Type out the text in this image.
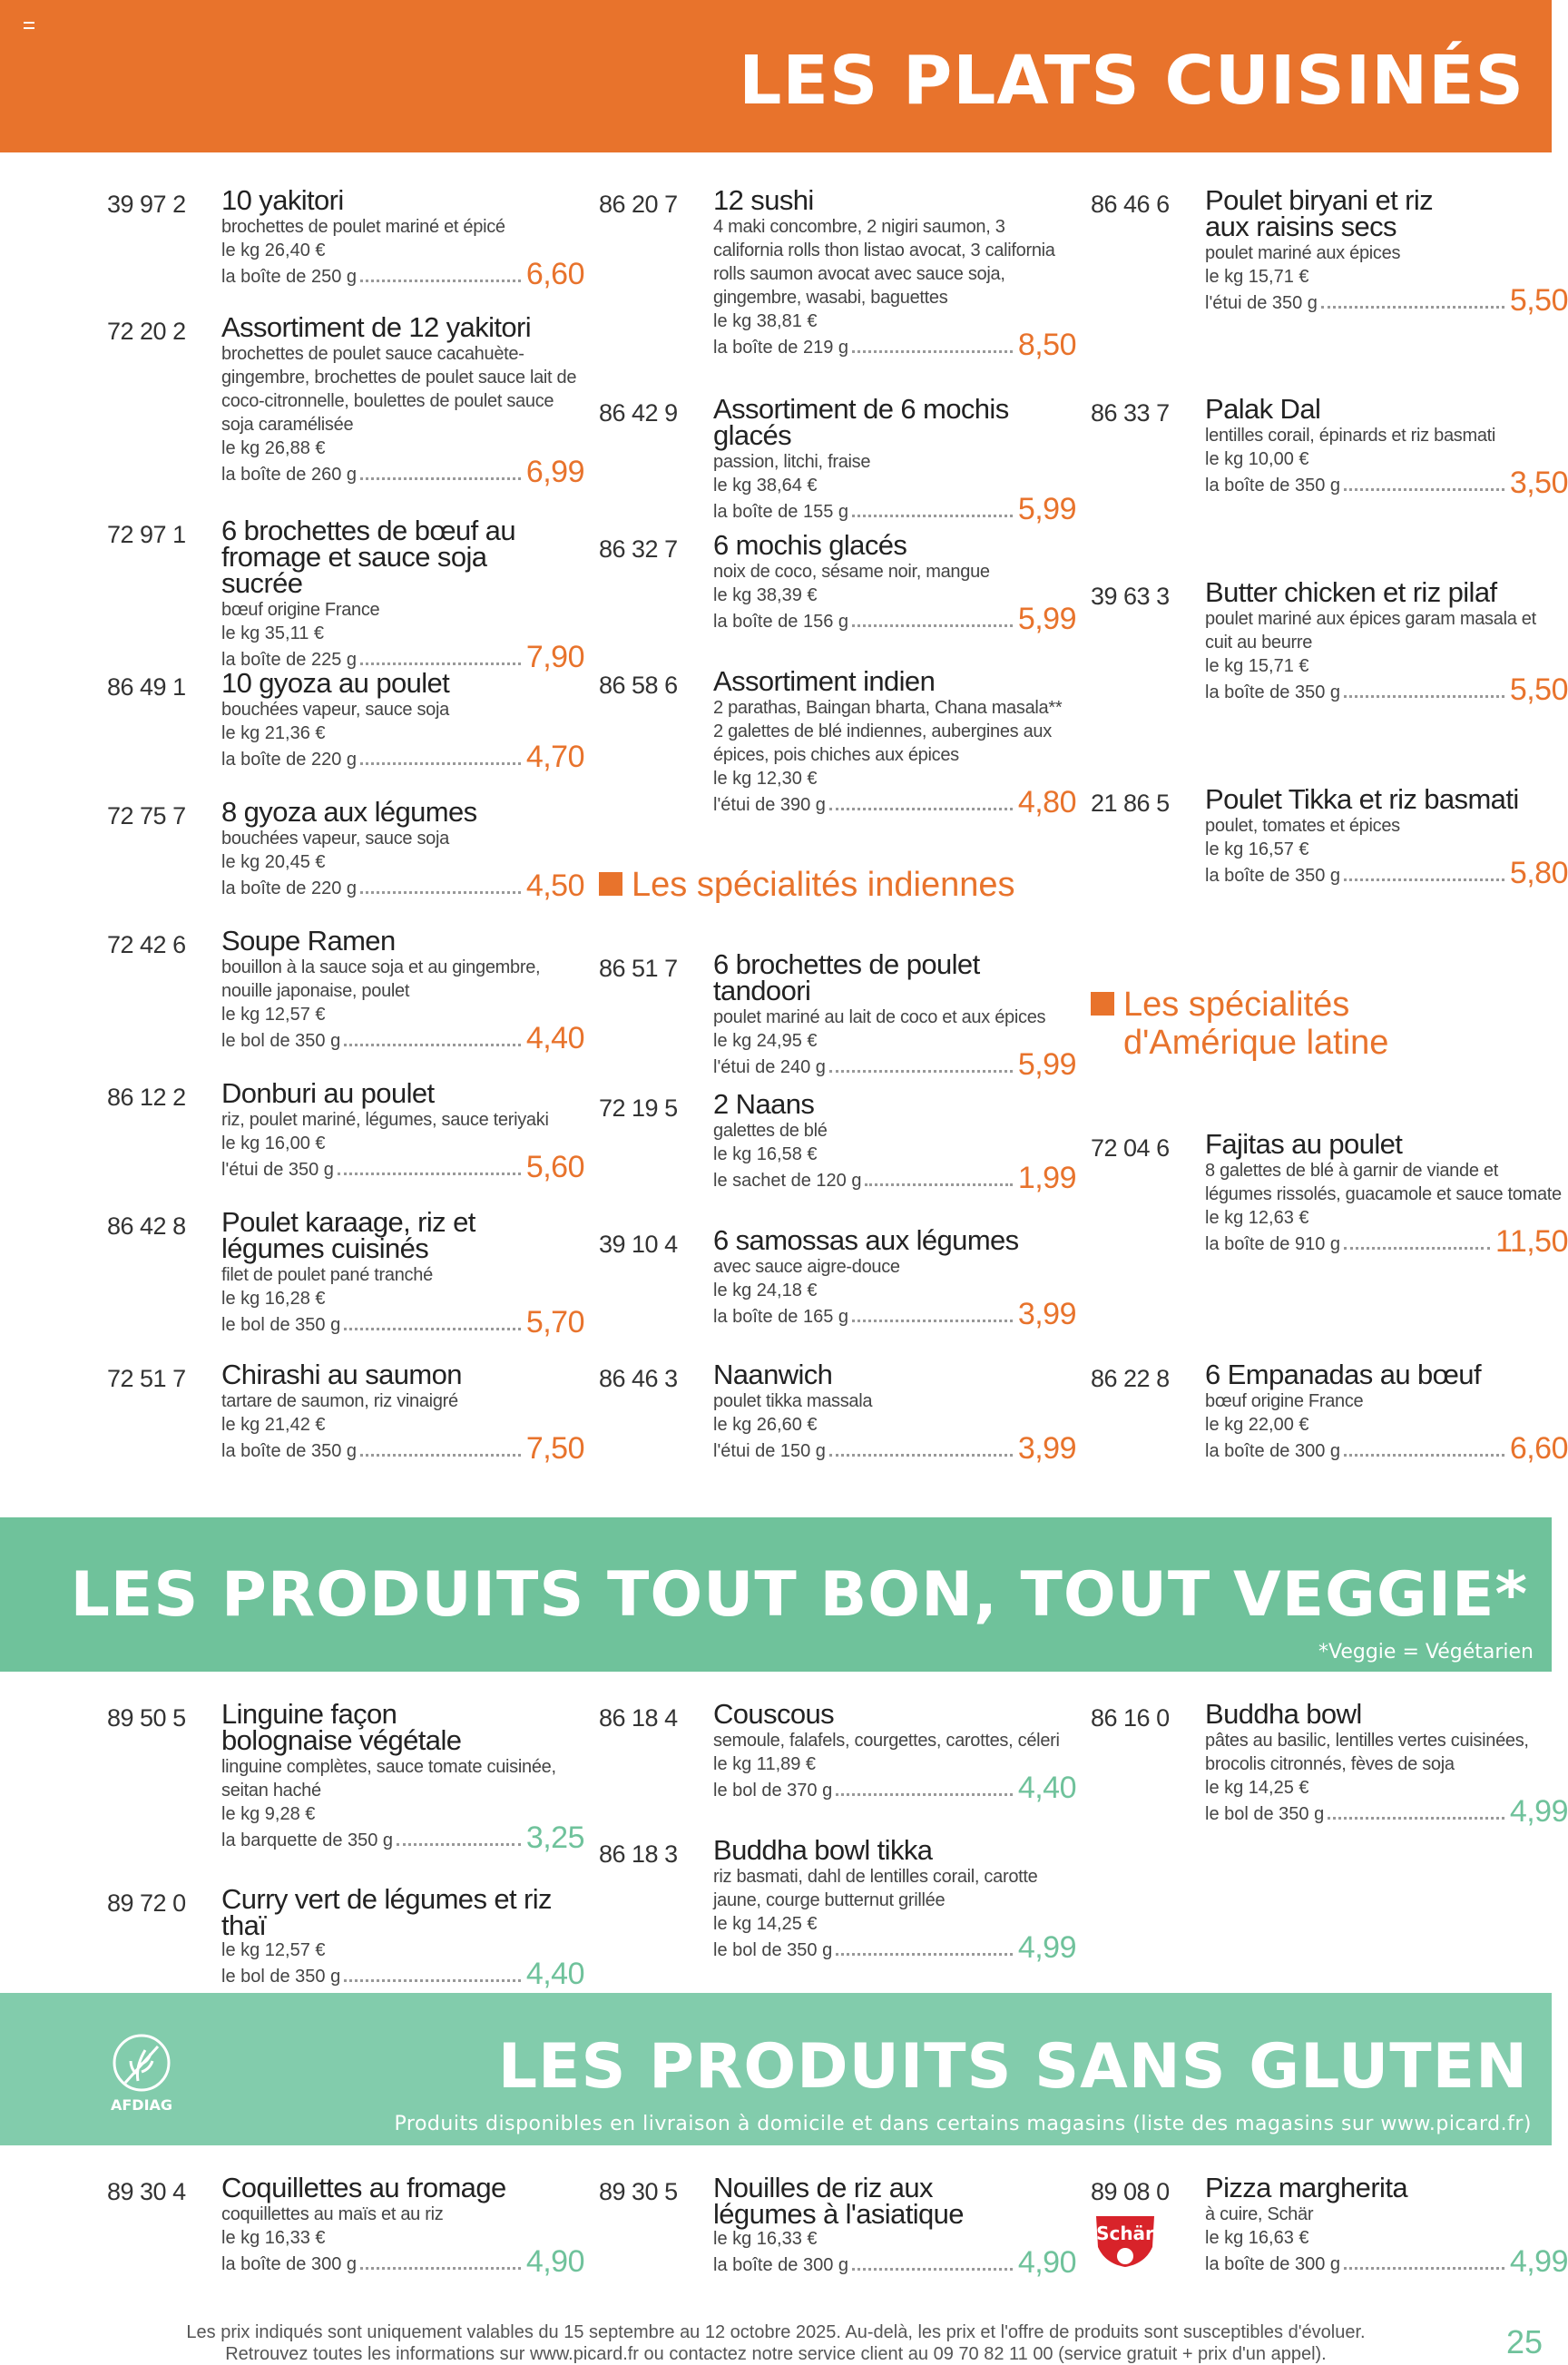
LES PLATS CUISINÉS
LES PRODUITS TOUT BON, TOUT VEGGIE*
*Veggie = Végétarien
AFDIAG
LES PRODUITS SANS GLUTEN
Produits disponibles en livraison à domicile et dans certains magasins (liste des magasins sur www.picard.fr)
Les spécialités indiennes
Les spécialités
d'Amérique latine
Schär
39 97 2 10 yakitori
brochettes de poulet mariné et épicé
le kg 26,40 €
la boîte de 250 g	6,60
72 20 2 Assortiment de 12 yakitori
brochettes de poulet sauce cacahuète-gingembre, brochettes de poulet sauce lait de coco-citronnelle, boulettes de poulet sauce soja caramélisée
le kg 26,88 €
la boîte de 260 g	6,99
72 97 1 6 brochettes de bœuf au fromage et sauce soja sucrée
bœuf origine France
le kg 35,11 €
la boîte de 225 g	7,90
86 49 1 10 gyoza au poulet
bouchées vapeur, sauce soja
le kg 21,36 €
la boîte de 220 g	4,70
72 75 7 8 gyoza aux légumes
bouchées vapeur, sauce soja
le kg 20,45 €
la boîte de 220 g	4,50
72 42 6 Soupe Ramen
bouillon à la sauce soja et au gingembre, nouille japonaise, poulet
le kg 12,57 €
le bol de 350 g	4,40
86 12 2 Donburi au poulet
riz, poulet mariné, légumes, sauce teriyaki
le kg 16,00 €
l'étui de 350 g	5,60
86 42 8 Poulet karaage, riz et légumes cuisinés
filet de poulet pané tranché
le kg 16,28 €
le bol de 350 g	5,70
72 51 7 Chirashi au saumon
tartare de saumon, riz vinaigré
le kg 21,42 €
la boîte de 350 g	7,50
86 20 7 12 sushi
4 maki concombre, 2 nigiri saumon, 3 california rolls thon listao avocat, 3 california rolls saumon avocat avec sauce soja, gingembre, wasabi, baguettes
le kg 38,81 €
la boîte de 219 g	8,50
86 42 9 Assortiment de 6 mochis glacés
passion, litchi, fraise
le kg 38,64 €
la boîte de 155 g	5,99
86 32 7 6 mochis glacés
noix de coco, sésame noir, mangue
le kg 38,39 €
la boîte de 156 g	5,99
86 58 6 Assortiment indien
2 parathas, Baingan bharta, Chana masala** 2 galettes de blé indiennes, aubergines aux épices, pois chiches aux épices
le kg 12,30 €
l'étui de 390 g	4,80
86 51 7 6 brochettes de poulet tandoori
poulet mariné au lait de coco et aux épices
le kg 24,95 €
l'étui de 240 g	5,99
72 19 5 2 Naans
galettes de blé
le kg 16,58 €
le sachet de 120 g	1,99
39 10 4 6 samossas aux légumes
avec sauce aigre-douce
le kg 24,18 €
la boîte de 165 g	3,99
86 46 3 Naanwich
poulet tikka massala
le kg 26,60 €
l'étui de 150 g	3,99
86 46 6 Poulet biryani et riz aux raisins secs
poulet mariné aux épices
le kg 15,71 €
l'étui de 350 g	5,50
86 33 7 Palak Dal
lentilles corail, épinards et riz basmati
le kg 10,00 €
la boîte de 350 g	3,50
39 63 3 Butter chicken et riz pilaf
poulet mariné aux épices garam masala et cuit au beurre
le kg 15,71 €
la boîte de 350 g	5,50
21 86 5 Poulet Tikka et riz basmati
poulet, tomates et épices
le kg 16,57 €
la boîte de 350 g	5,80
72 04 6 Fajitas au poulet
8 galettes de blé à garnir de viande et légumes rissolés, guacamole et sauce tomate
le kg 12,63 €
la boîte de 910 g	11,50
86 22 8 6 Empanadas au bœuf
bœuf origine France
le kg 22,00 €
la boîte de 300 g	6,60
89 50 5 Linguine façon bolognaise végétale
linguine complètes, sauce tomate cuisinée, seitan haché
le kg 9,28 €
la barquette de 350 g	3,25
89 72 0 Curry vert de légumes et riz thaï
le kg 12,57 €
le bol de 350 g	4,40
86 18 4 Couscous
semoule, falafels, courgettes, carottes, céleri
le kg 11,89 €
le bol de 370 g	4,40
86 18 3 Buddha bowl tikka
riz basmati, dahl de lentilles corail, carotte jaune, courge butternut grillée
le kg 14,25 €
le bol de 350 g	4,99
86 16 0 Buddha bowl
pâtes au basilic, lentilles vertes cuisinées, brocolis citronnés, fèves de soja
le kg 14,25 €
le bol de 350 g	4,99
89 30 4 Coquillettes au fromage
coquillettes au maïs et au riz
le kg 16,33 €
la boîte de 300 g	4,90
89 30 5 Nouilles de riz aux légumes à l'asiatique
le kg 16,33 €
la boîte de 300 g	4,90
89 08 0 Pizza margherita
à cuire, Schär
le kg 16,63 €
la boîte de 300 g	4,99
Les prix indiqués sont uniquement valables du 15 septembre au 12 octobre 2025. Au-delà, les prix et l'offre de produits sont susceptibles d'évoluer.
Retrouvez toutes les informations sur www.picard.fr ou contactez notre service client au 09 70 82 11 00 (service gratuit + prix d'un appel).	25
